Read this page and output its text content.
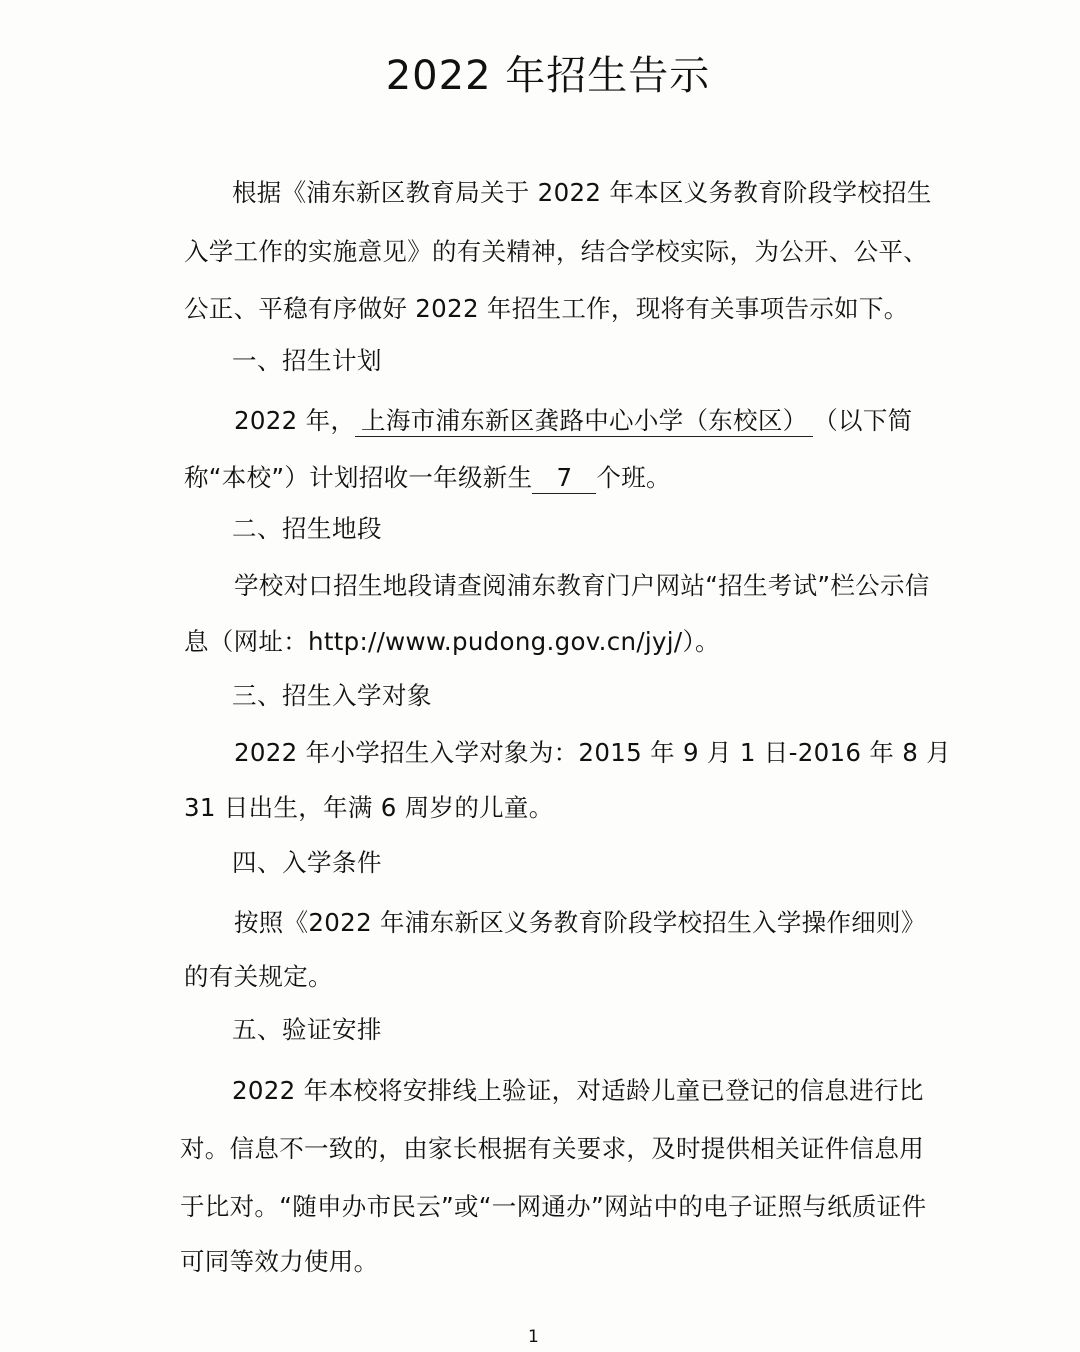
2022 年招生告示
根据《浦东新区教育局关于 2022 年本区义务教育阶段学校招生
入学工作的实施意见》的有关精神，结合学校实际，为公开、公平、
公正、平稳有序做好 2022 年招生工作，现将有关事项告示如下。
一、招生计划
2022 年， 上海市浦东新区龚路中心小学（东校区） （以下简
称“本校”）计划招收一年级新生 7 个班。
二、招生地段
学校对口招生地段请查阅浦东教育门户网站“招生考试”栏公示信
息（网址：http://www.pudong.gov.cn/jyj/）。
三、招生入学对象
2022 年小学招生入学对象为：2015 年 9 月 1 日-2016 年 8 月
31 日出生，年满 6 周岁的儿童。
四、入学条件
按照《2022 年浦东新区义务教育阶段学校招生入学操作细则》
的有关规定。
五、验证安排
2022 年本校将安排线上验证，对适龄儿童已登记的信息进行比
对。信息不一致的，由家长根据有关要求，及时提供相关证件信息用
于比对。“随申办市民云”或“一网通办”网站中的电子证照与纸质证件
可同等效力使用。
1
